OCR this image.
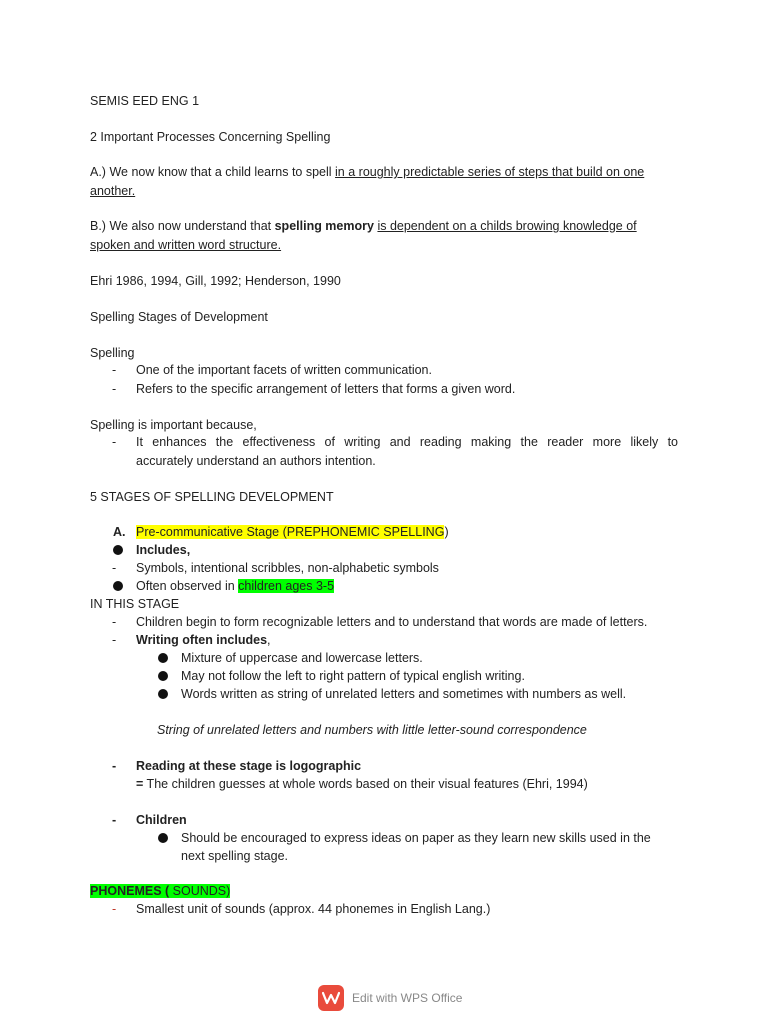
SEMIS EED ENG 1
2 Important Processes Concerning Spelling
A.) We now know that a child learns to spell in a roughly predictable series of steps that build on one
another.
B.) We also now understand that spelling memory is dependent on a childs browing knowledge of
spoken and written word structure.
Ehri 1986, 1994, Gill, 1992; Henderson, 1990
Spelling Stages of Development
Spelling
- One of the important facets of written communication.
- Refers to the specific arrangement of letters that forms a given word.
Spelling is important because,
- It enhances the effectiveness of writing and reading making the reader more likely to
accurately understand an authors intention.
5 STAGES OF SPELLING DEVELOPMENT
A. Pre-communicative Stage (PREPHONEMIC SPELLING)
Includes,
- Symbols, intentional scribbles, non-alphabetic symbols
Often observed in children ages 3-5
IN THIS STAGE
- Children begin to form recognizable letters and to understand that words are made of letters.
- Writing often includes,
Mixture of uppercase and lowercase letters.
May not follow the left to right pattern of typical english writing.
Words written as string of unrelated letters and sometimes with numbers as well.
String of unrelated letters and numbers with little letter-sound correspondence
- Reading at these stage is logographic
= The children guesses at whole words based on their visual features (Ehri, 1994)
- Children
Should be encouraged to express ideas on paper as they learn new skills used in the
next spelling stage.
PHONEMES ( SOUNDS)
- Smallest unit of sounds (approx. 44 phonemes in English Lang.)
Edit with WPS Office
